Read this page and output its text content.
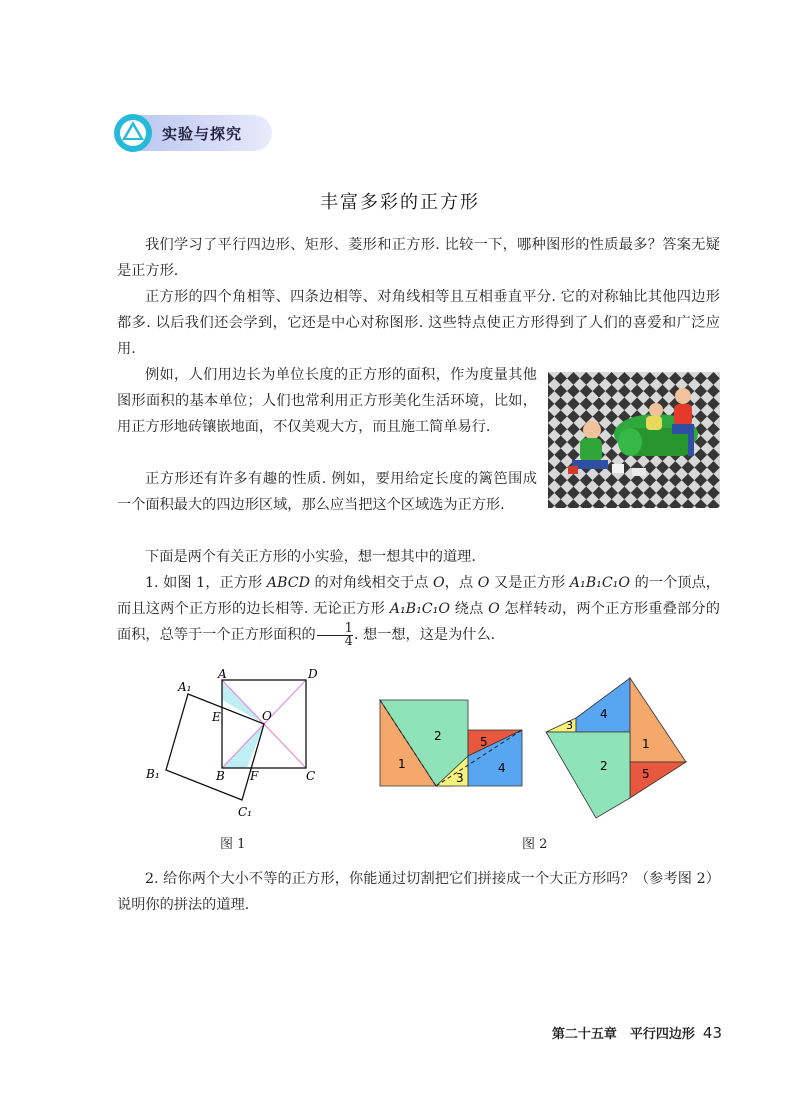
实验与探究
丰富多彩的正方形
我们学习了平行四边形、矩形、菱形和正方形. 比较一下，哪种图形的性质最多？答案无疑是正方形.
正方形的四个角相等、四条边相等、对角线相等且互相垂直平分. 它的对称轴比其他四边形都多. 以后我们还会学到，它还是中心对称图形. 这些特点使正方形得到了人们的喜爱和广泛应用.
例如，人们用边长为单位长度的正方形的面积，作为度量其他图形面积的基本单位；人们也常利用正方形美化生活环境，比如，用正方形地砖镶嵌地面，不仅美观大方，而且施工简单易行.
正方形还有许多有趣的性质. 例如，要用给定长度的篱笆围成一个面积最大的四边形区域，那么应当把这个区域选为正方形.
下面是两个有关正方形的小实验，想一想其中的道理.
1. 如图 1，正方形 ABCD 的对角线相交于点 O，点 O 又是正方形 A₁B₁C₁O 的一个顶点，而且这两个正方形的边长相等. 无论正方形 A₁B₁C₁O 绕点 O 怎样转动，两个正方形重叠部分的面积，总等于一个正方形面积的 $\frac{1}{4}$ . 想一想，这是为什么.
A₁
A	D
E	O
B₁	B F	C
C₁
1
2
3
5
4
3
4
1
2
5
图 1	图 2
2. 给你两个大小不等的正方形，你能通过切割把它们拼接成一个大正方形吗？（参考图 2）说明你的拼法的道理.
第二十五章　平行四边形 43
